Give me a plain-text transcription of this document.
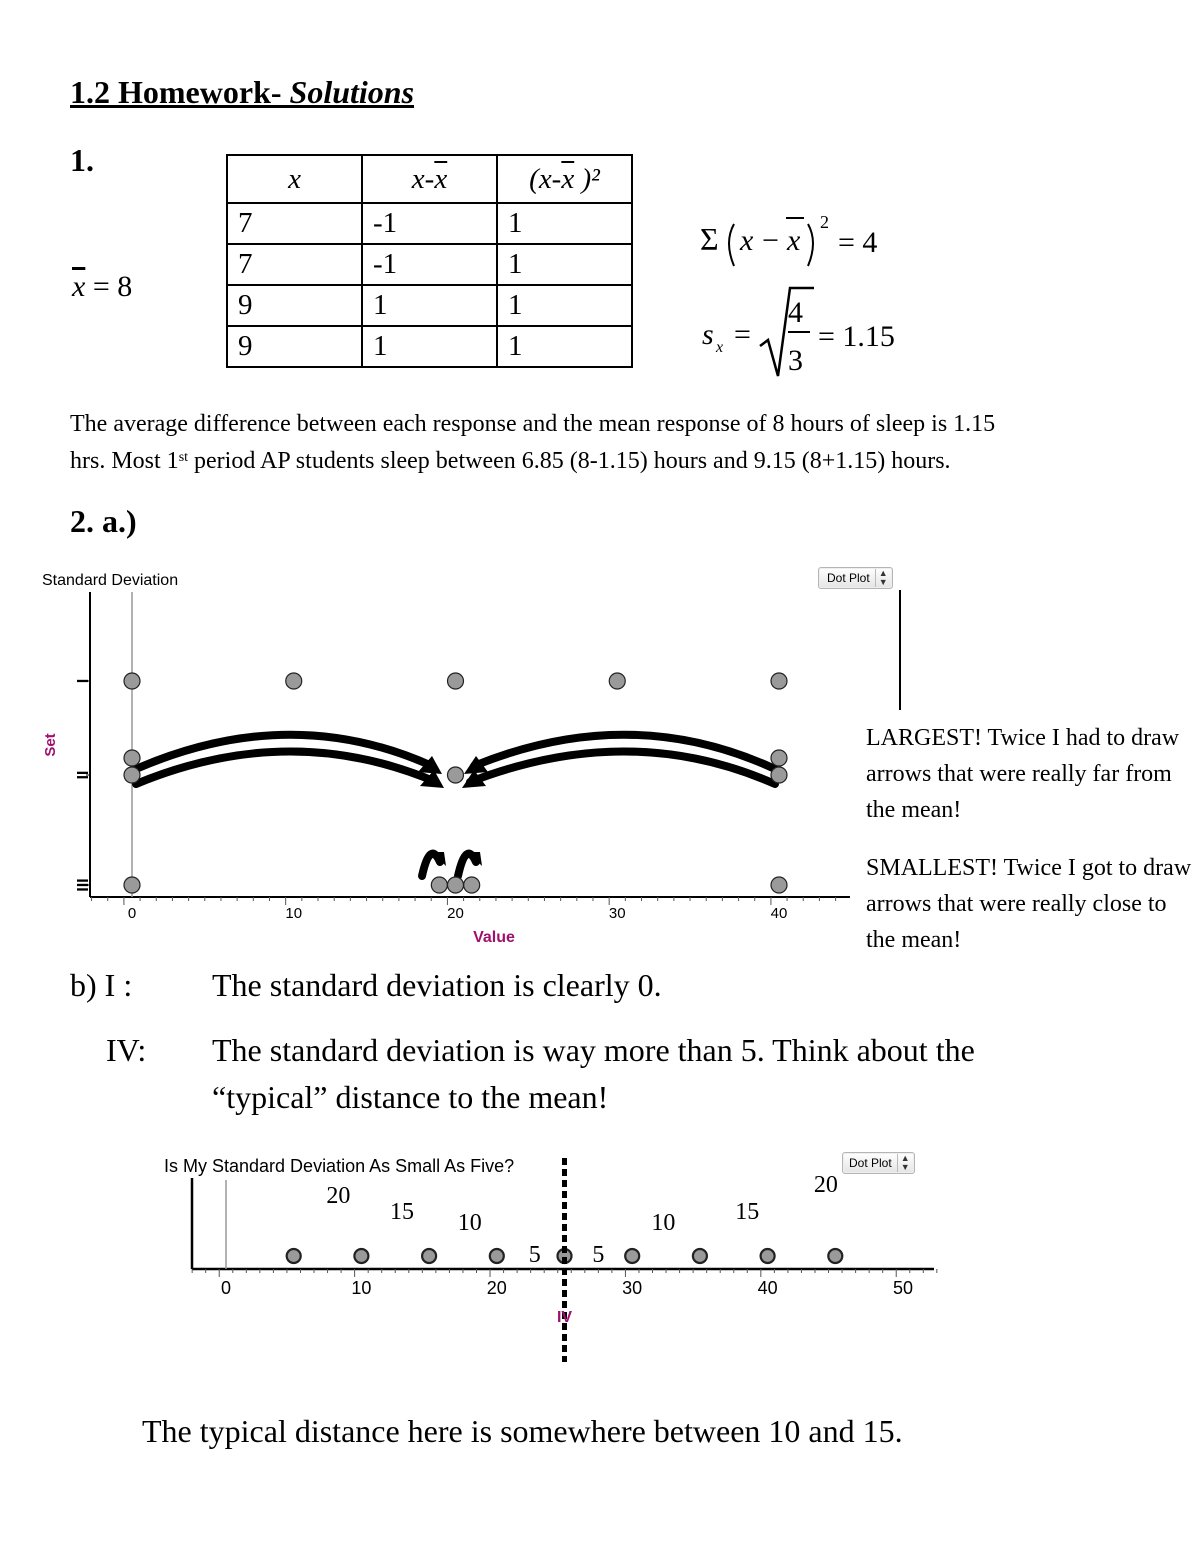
1.2 Homework- Solutions
1.
$\overline{x} = 8$
x	$x-\overline{x}$	($x-\overline{x}$ )²
7	-1	1
7	-1	1
9	1	1
9	1	1
Σ x − x
2
= 4
s x =
4
3
= 1.15
The average difference between each response and the mean response of 8 hours of sleep is 1.15
hrs. Most 1st period AP students sleep between 6.85 (8-1.15) hours and 9.15 (8+1.15) hours.
2. a.)
Standard Deviation
0	10	20	30	40
I
II
III
Set
Value
Dot Plot	▲
▼
LARGEST! Twice I had to draw arrows that were really far from the mean!
SMALLEST! Twice I got to draw arrows that were really close to the mean!
b) I : The standard deviation is clearly 0.
IV: The standard deviation is way more than 5. Think about the
“typical” distance to the mean!
Is My Standard Deviation As Small As Five?
0	10	20	30	40	50
20
15 10
5 5
10 15
20
IV
Dot Plot	▲
▼
The typical distance here is somewhere between 10 and 15.
